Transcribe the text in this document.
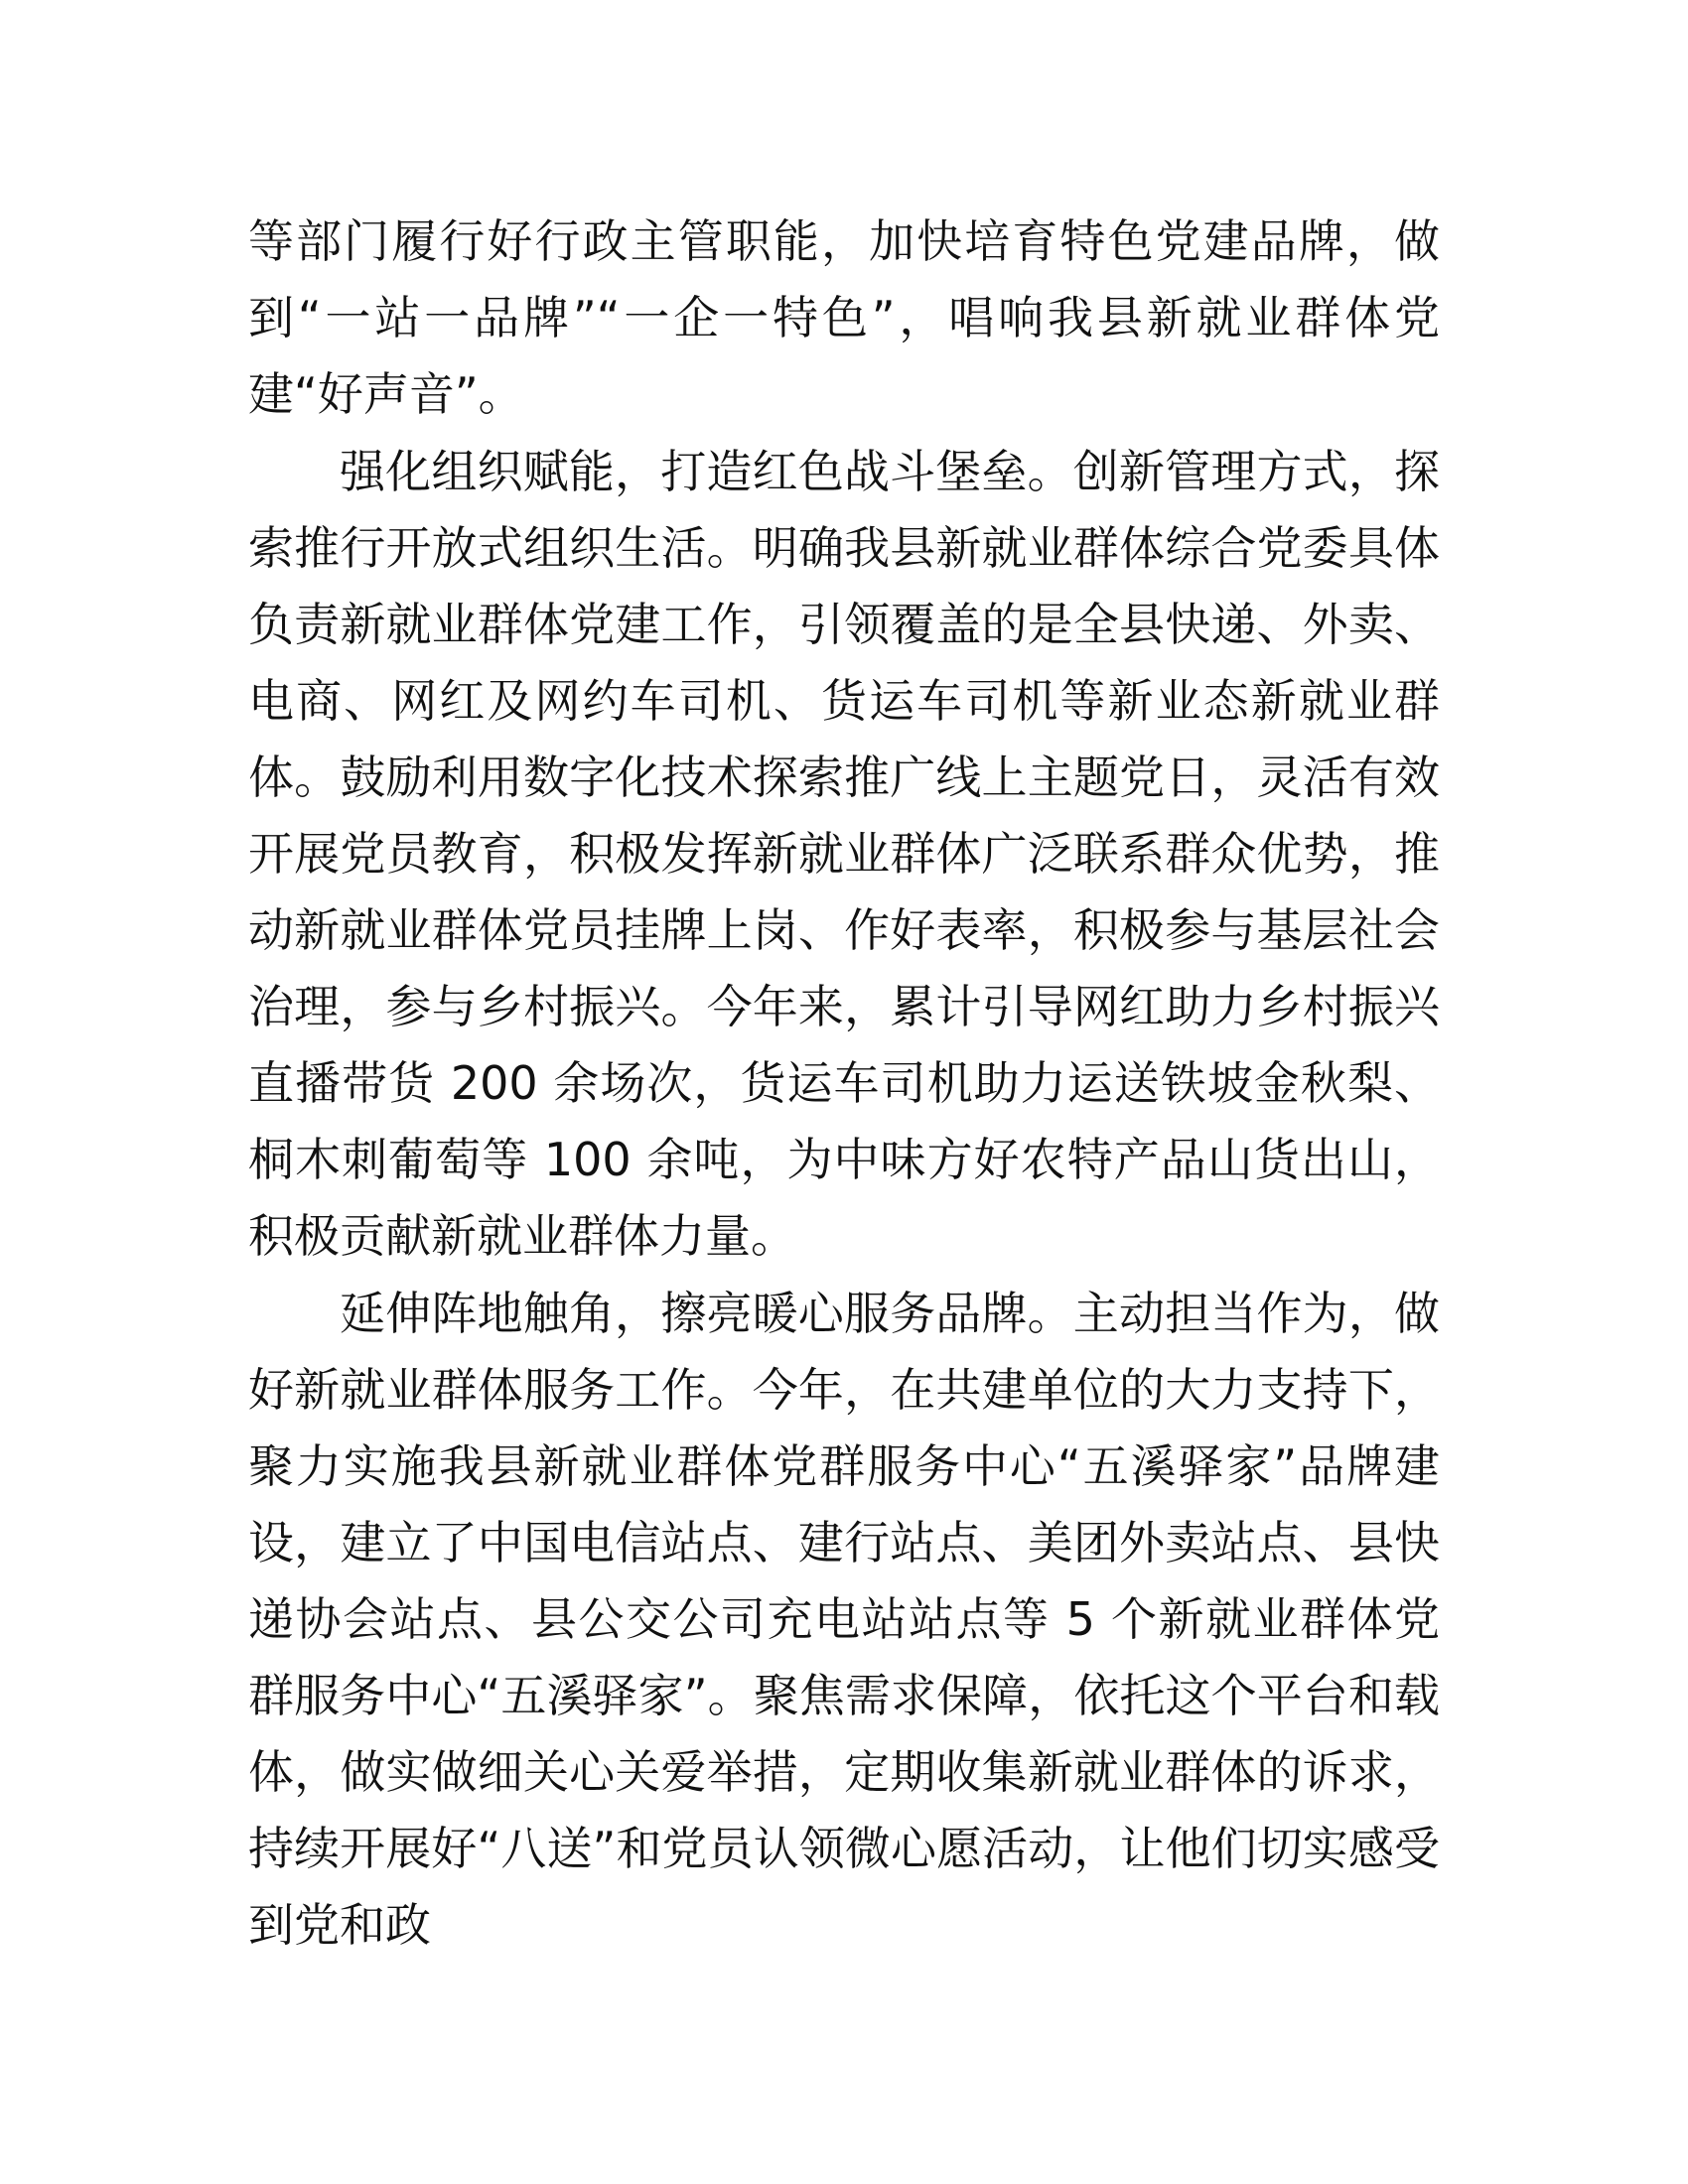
等部门履行好行政主管职能，加快培育特色党建品牌，做到“一站一品牌”“一企一特色”，唱响我县新就业群体党建“好声音”。

强化组织赋能，打造红色战斗堡垒。创新管理方式，探索推行开放式组织生活。明确我县新就业群体综合党委具体负责新就业群体党建工作，引领覆盖的是全县快递、外卖、电商、网红及网约车司机、货运车司机等新业态新就业群体。鼓励利用数字化技术探索推广线上主题党日，灵活有效开展党员教育，积极发挥新就业群体广泛联系群众优势，推动新就业群体党员挂牌上岗、作好表率，积极参与基层社会治理，参与乡村振兴。今年来，累计引导网红助力乡村振兴直播带货 200 余场次，货运车司机助力运送铁坡金秋梨、桐木刺葡萄等 100 余吨，为中味方好农特产品山货出山，积极贡献新就业群体力量。

延伸阵地触角，擦亮暖心服务品牌。主动担当作为，做好新就业群体服务工作。今年，在共建单位的大力支持下，聚力实施我县新就业群体党群服务中心“五溪驿家”品牌建设，建立了中国电信站点、建行站点、美团外卖站点、县快递协会站点、县公交公司充电站站点等 5 个新就业群体党群服务中心“五溪驿家”。聚焦需求保障，依托这个平台和载体，做实做细关心关爱举措，定期收集新就业群体的诉求，持续开展好“八送”和党员认领微心愿活动，让他们切实感受到党和政
